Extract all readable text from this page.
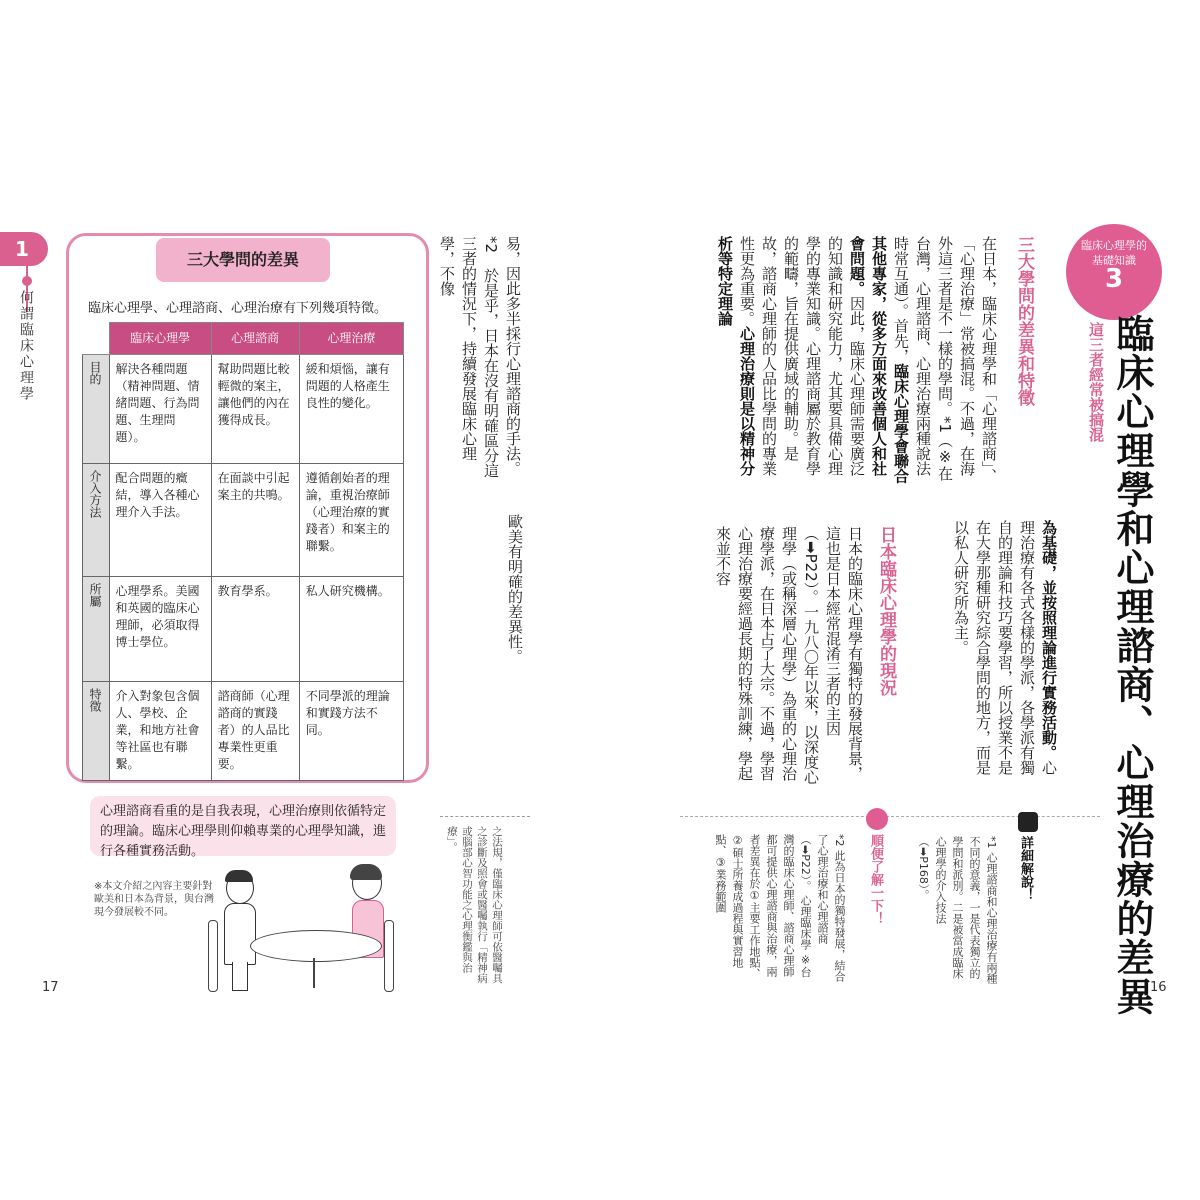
1
何謂臨床心理學
三大學問的差異
臨床心理學、心理諮商、心理治療有下列幾項特徵。
	臨床心理學	心理諮商	心理治療
目的	解決各種問題（精神問題、情緒問題、行為問題、生理問題）。	幫助問題比較輕微的案主，讓他們的內在獲得成長。	緩和煩惱，讓有問題的人格產生良性的變化。
介入方法	配合問題的癥結，導入各種心理介入手法。	在面談中引起案主的共鳴。	遵循創始者的理論，重視治療師（心理治療的實踐者）和案主的聯繫。
所屬	心理學系。美國和英國的臨床心理師，必須取得博士學位。	教育學系。	私人研究機構。
特徵	介入對象包含個人、學校、企業，和地方社會等社區也有聯繫。	諮商師（心理諮商的實踐者）的人品比專業性更重要。	不同學派的理論和實踐方法不同。
心理諮商看重的是自我表現，心理治療則依循特定的理論。臨床心理學則仰賴專業的心理學知識，進行各種實務活動。
※本文介紹之內容主要針對歐美和日本為背景，與台灣現今發展較不同。
易，因此多半採行心理諮商的手法。*2　於是乎，日本在沒有明確區分這三者的情況下，持續發展臨床心理學，不像
歐美有明確的差異性。
之法規，僅臨床心理師可依醫囑具之診斷及照會或醫囑執行「精神病或腦部心智功能之心理衡鑑與治療」。
17
臨床心理學的
基礎知識
3
臨床心理學和心理諮商、心理治療的差異
這三者經常被搞混
三大學問的差異和特徵
在日本，臨床心理學和「心理諮商」、「心理治療」常被搞混。不過，在海外這三者是不一樣的學問。*1（※在台灣，心理諮商、心理治療兩種說法時常互通）。首先，臨床心理學會聯合其他專家，從多方面來改善個人和社會問題。因此，臨床心理師需要廣泛的知識和研究能力，尤其要具備心理學的專業知識。心理諮商屬於教育學的範疇，旨在提供廣域的輔助。是故，諮商心理師的人品比學問的專業性更為重要。心理治療則是以精神分析等特定理論
為基礎，並按照理論進行實務活動。心理治療有各式各樣的學派，各學派有獨自的理論和技巧要學習，所以授業不是在大學那種研究綜合學問的地方，而是以私人研究所為主。
日本臨床心理學的現況
日本的臨床心理學有獨特的發展背景，這也是日本經常混淆三者的主因（➡P22）。一九八〇年以來，以深度心理學（或稱深層心理學）為重的心理治療學派，在日本占了大宗。不過，學習心理治療要經過長期的特殊訓練，學起來並不容
詳細解說！
*1 心理諮商和心理治療有兩種不同的意義，一是代表獨立的學問和派別。二是被當成臨床心理學的介入技法（➡P168）。
順便了解一下！
*2 此為日本的獨特發展，結合了心理治療和心理諮商（➡P22）。 心理臨床學 ※台灣的臨床心理師、諮商心理師都可提供心理諮商與治療，兩者差異在於①主要工作地點、②碩士所養成過程與實習地點、③業務範圍
16
